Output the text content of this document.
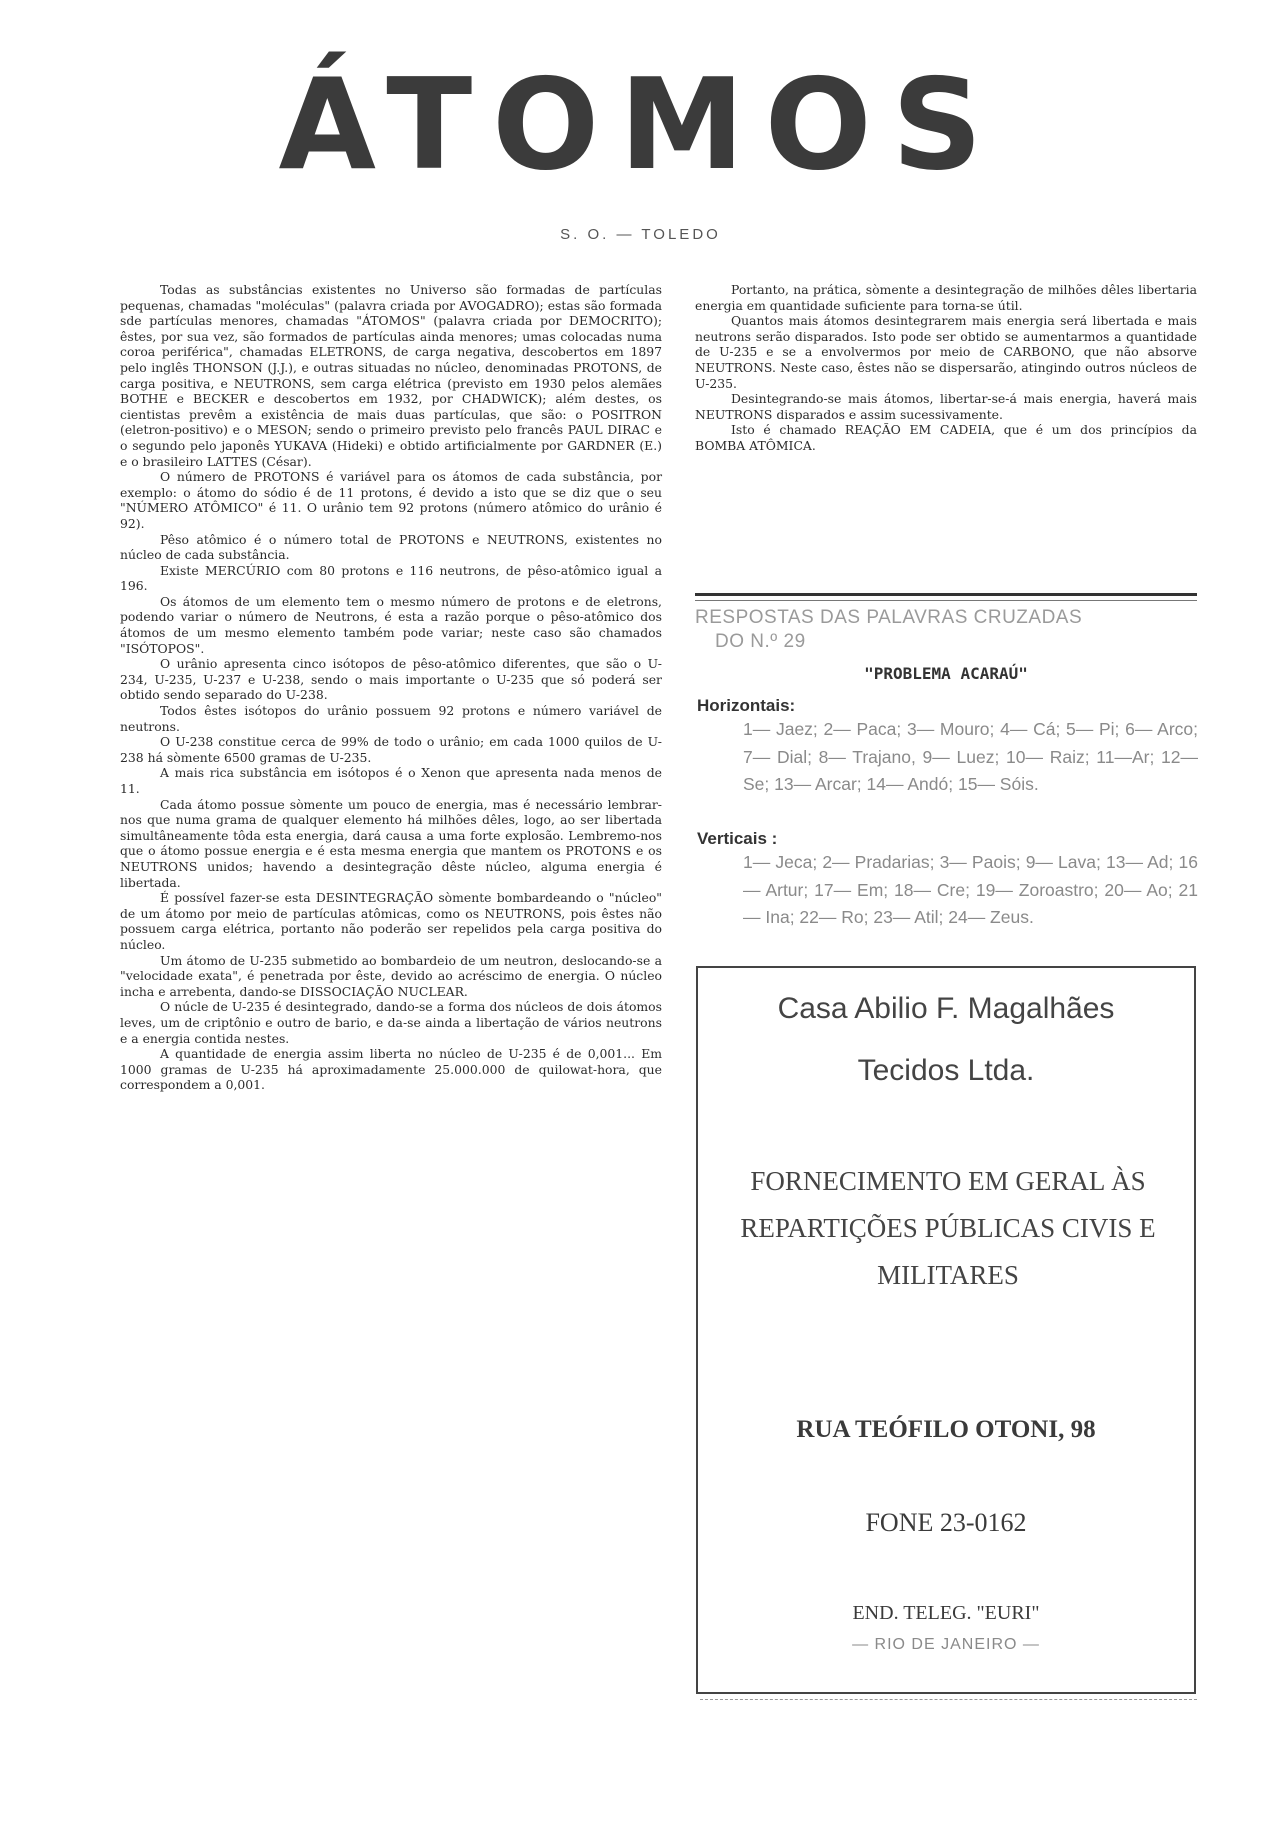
ÁTOMOS
S. O. — TOLEDO

Todas as substâncias existentes no Universo são formadas de partículas pequenas, chamadas "moléculas" (palavra criada por AVOGADRO); estas são formada sde partículas menores, chamadas "ÁTOMOS" (palavra criada por DEMOCRITO); êstes, por sua vez, são formados de partículas ainda menores; umas colocadas numa coroa periférica", chamadas ELETRONS, de carga negativa, descobertos em 1897 pelo inglês THONSON (J.J.), e outras situadas no núcleo, denominadas PROTONS, de carga positiva, e NEUTRONS, sem carga elétrica (previsto em 1930 pelos alemães BOTHE e BECKER e descobertos em 1932, por CHADWICK); além destes, os cientistas prevêm a existência de mais duas partículas, que são: o POSITRON (eletron-positivo) e o MESON; sendo o primeiro previsto pelo francês PAUL DIRAC e o segundo pelo japonês YUKAVA (Hideki) e obtido artificialmente por GARDNER (E.) e o brasileiro LATTES (César).

O número de PROTONS é variável para os átomos de cada substância, por exemplo: o átomo do sódio é de 11 protons, é devido a isto que se diz que o seu "NÚMERO ATÔMICO" é 11. O urânio tem 92 protons (número atômico do urânio é 92).

Pêso atômico é o número total de PROTONS e NEUTRONS, existentes no núcleo de cada substância.

Existe MERCÚRIO com 80 protons e 116 neutrons, de pêso-atômico igual a 196.

Os átomos de um elemento tem o mesmo número de protons e de eletrons, podendo variar o número de Neutrons, é esta a razão porque o pêso-atômico dos átomos de um mesmo elemento também pode variar; neste caso são chamados "ISÓTOPOS".

O urânio apresenta cinco isótopos de pêso-atômico diferentes, que são o U-234, U-235, U-237 e U-238, sendo o mais importante o U-235 que só poderá ser obtido sendo separado do U-238.

Todos êstes isótopos do urânio possuem 92 protons e número variável de neutrons.

O U-238 constitue cerca de 99% de todo o urânio; em cada 1000 quilos de U-238 há sòmente 6500 gramas de U-235.

A mais rica substância em isótopos é o Xenon que apresenta nada menos de 11.

Cada átomo possue sòmente um pouco de energia, mas é necessário lembrar-nos que numa grama de qualquer elemento há milhões dêles, logo, ao ser libertada simultâneamente tôda esta energia, dará causa a uma forte explosão. Lembremo-nos que o átomo possue energia e é esta mesma energia que mantem os PROTONS e os NEUTRONS unidos; havendo a desintegração dêste núcleo, alguma energia é libertada.

É possível fazer-se esta DESINTEGRAÇÃO sòmente bombardeando o "núcleo" de um átomo por meio de partículas atômicas, como os NEUTRONS, pois êstes não possuem carga elétrica, portanto não poderão ser repelidos pela carga positiva do núcleo.

Um átomo de U-235 submetido ao bombardeio de um neutron, deslocando-se a "velocidade exata", é penetrada por êste, devido ao acréscimo de energia. O núcleo incha e arrebenta, dando-se DISSOCIAÇÃO NUCLEAR.

O núcle de U-235 é desintegrado, dando-se a forma dos núcleos de dois átomos leves, um de criptônio e outro de bario, e da-se ainda a libertação de vários neutrons e a energia contida nestes.

A quantidade de energia assim liberta no núcleo de U-235 é de 0,001... Em 1000 gramas de U-235 há aproximadamente 25.000.000 de quilowat-hora, que correspondem a 0,001.

Portanto, na prática, sòmente a desintegração de milhões dêles libertaria energia em quantidade suficiente para torna-se útil.

Quantos mais átomos desintegrarem mais energia será libertada e mais neutrons serão disparados. Isto pode ser obtido se aumentarmos a quantidade de U-235 e se a envolvermos por meio de CARBONO, que não absorve NEUTRONS. Neste caso, êstes não se dispersarão, atingindo outros núcleos de U-235.

Desintegrando-se mais átomos, libertar-se-á mais energia, haverá mais NEUTRONS disparados e assim sucessivamente.

Isto é chamado REAÇÃO EM CADEIA, que é um dos princípios da BOMBA ATÔMICA.

RESPOSTAS DAS PALAVRAS CRUZADAS
DO N.º 29
"PROBLEMA ACARAÚ"
Horizontais:
1— Jaez; 2— Paca; 3— Mouro; 4— Cá; 5— Pi; 6— Arco; 7— Dial; 8— Trajano, 9— Luez; 10— Raiz; 11—Ar; 12— Se; 13— Arcar; 14— Andó; 15— Sóis.
Verticais :
1— Jeca; 2— Pradarias; 3— Paois; 9— Lava; 13— Ad; 16— Artur; 17— Em; 18— Cre; 19— Zoroastro; 20— Ao; 21— Ina; 22— Ro; 23— Atil; 24— Zeus.
Casa Abilio F. Magalhães
Tecidos Ltda.
FORNECIMENTO EM GERAL ÀS REPARTIÇÕES PÚBLICAS CIVIS E MILITARES
RUA TEÓFILO OTONI, 98
FONE 23-0162
END. TELEG. "EURI"
— RIO DE JANEIRO —
